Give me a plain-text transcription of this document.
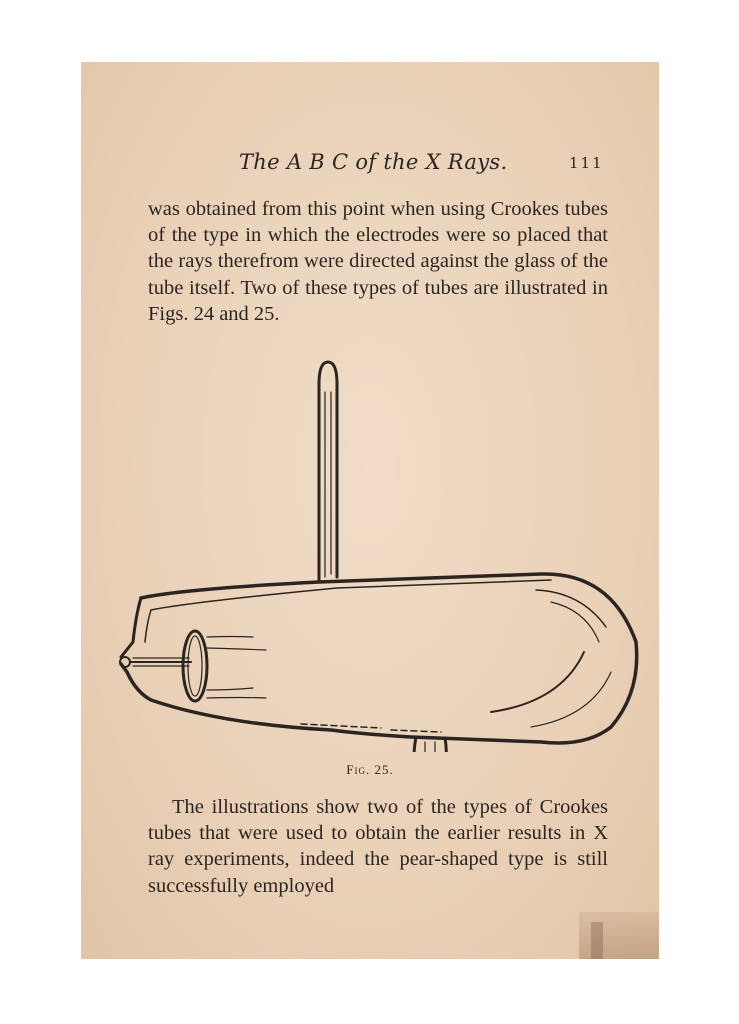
The A B C of the X Rays.	111

was obtained from this point when using Crookes tubes of the type in which the electrodes were so placed that the rays therefrom were directed against the glass of the tube itself. Two of these types of tubes are illustrated in Figs. 24 and 25.

Fig. 25.

The illustrations show two of the types of Crookes tubes that were used to obtain the earlier results in X ray experiments, indeed the pear-shaped type is still successfully employed
